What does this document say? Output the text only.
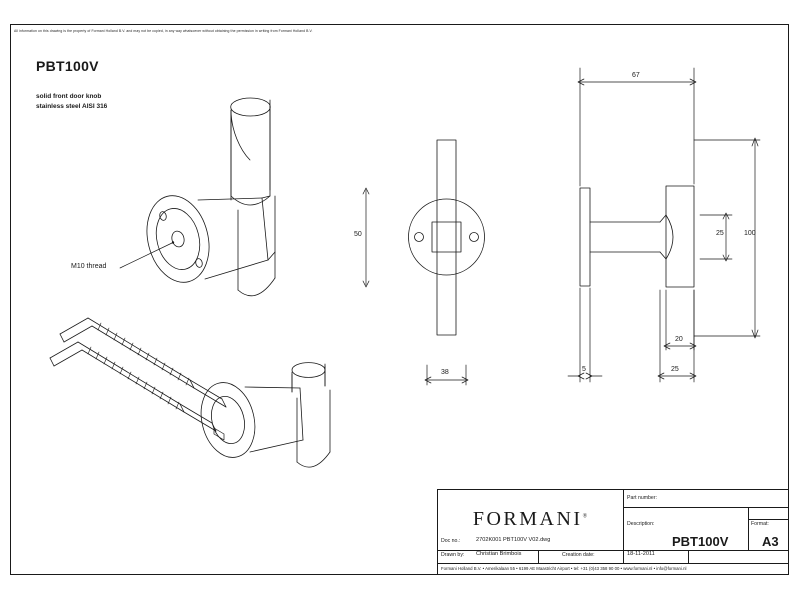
All information on this drawing is the property of Formani Holland B.V. and may not be copied, in any way whatsoever without obtaining the permission in writing from Formani Holland B.V.
PBT100V
solid front door knob
stainless steel AISI 316
50
67
25	100
38	5
20
25
M10 thread
FORMANI®
Part number:
Description:	Format:
PBT100V	A3
Doc no.:	2702K001 PBT100V V02.dwg
Drawn by: Christian Brimbois	Creation date:	18-11-2011
Formani Holland B.V. • Amerikalaan 55 • 6199 AE Maastricht Airport • tel: +31 (0)43 358 90 00 • www.formani.nl • info@formani.nl
